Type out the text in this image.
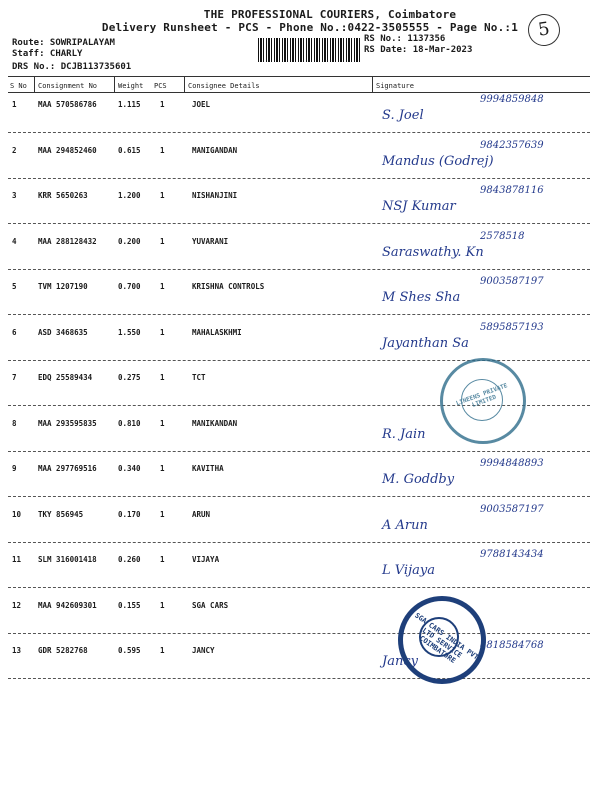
THE PROFESSIONAL COURIERS, Coimbatore
Delivery Runsheet - PCS - Phone No.:0422-3505555 - Page No.:1	5
Route: SOWRIPALAYAM
Staff: CHARLY
DRS No.: DCJB113735601
RS No.: 1137356
RS Date: 18-Mar-2023
S No Consignment No	Weight PCS	Consignee Details	Signature
1	MAA 570586786	1.115	1	JOEL
S. Joel
9994859848
2	MAA 294852460	0.615	1	MANIGANDAN
Mandus (Godrej)
9842357639
3	KRR 5650263	1.200	1	NISHANJINI
NSJ Kumar
9843878116
4	MAA 288128432	0.200	1	YUVARANI
Saraswathy. Kn
2578518
5	TVM 1207190	0.700	1	KRISHNA CONTROLS
M Shes Sha
9003587197
6	ASD 3468635	1.550	1	MAHALASKHMI
Jayanthan Sa
5895857193
7	EDQ 25589434	0.275	1	TCT
8	MAA 293595835	0.810	1	MANIKANDAN
R. Jain
9	MAA 297769516	0.340	1	KAVITHA
M. Goddby
9994848893
10 TKY 856945	0.170	1	ARUN
A Arun
9003587197
11 SLM 316001418	0.260	1	VIJAYA
L Vijaya
9788143434
12 MAA 942609301	0.155	1	SGA CARS
13 GDR 5282768	0.595	1	JANCY
Jancy
8818584768
LINEENS PRIVATE LIMITED
SGA CARS INDIA PVT LTD SERVICE COIMBATORE
